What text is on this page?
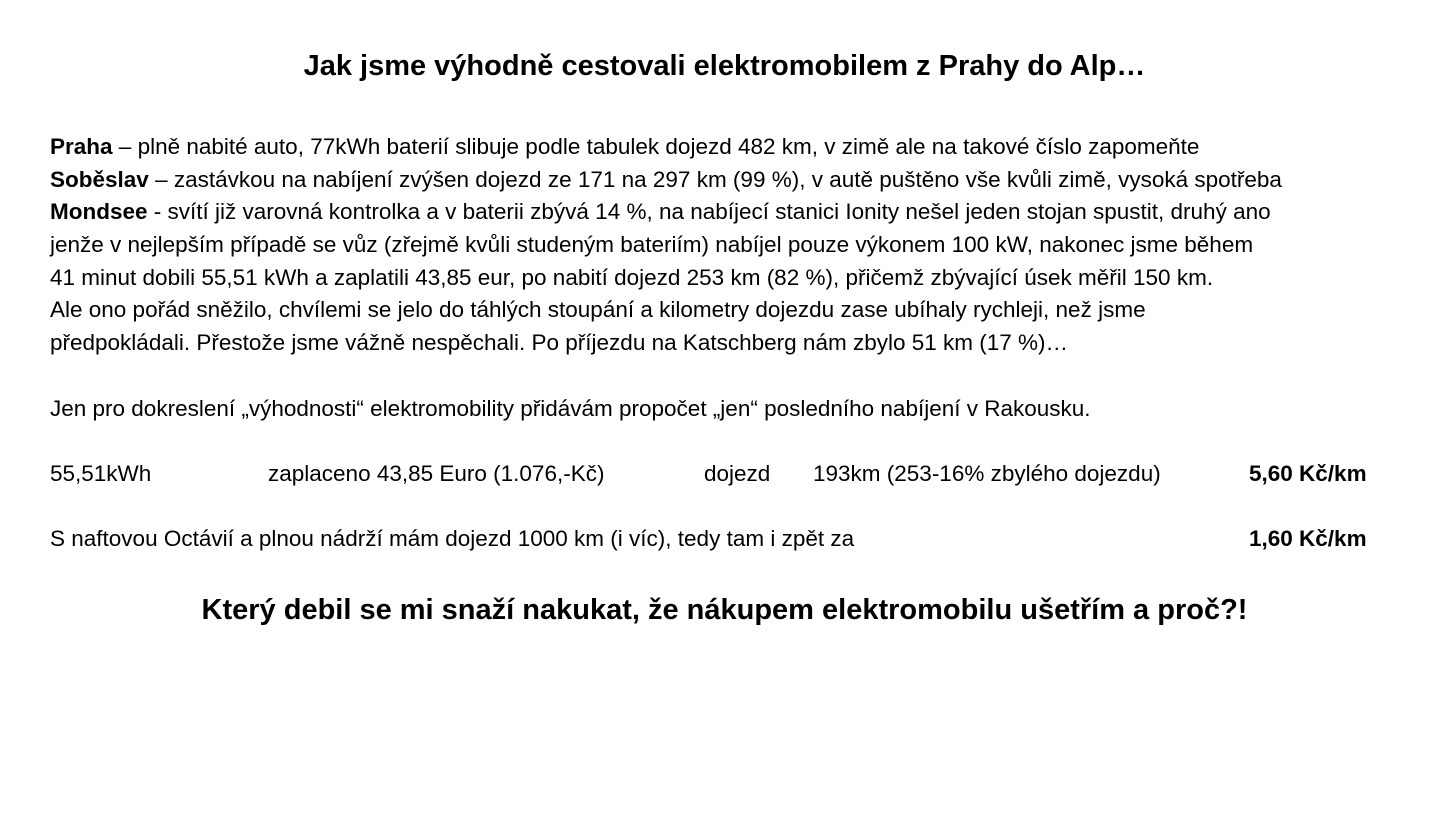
Jak jsme výhodně cestovali elektromobilem z Prahy do Alp…
Praha – plně nabité auto, 77kWh baterií slibuje podle tabulek dojezd 482 km, v zimě ale na takové číslo zapomeňte
Soběslav – zastávkou na nabíjení zvýšen dojezd ze 171 na 297 km (99 %), v autě puštěno vše kvůli zimě, vysoká spotřeba
Mondsee - svítí již varovná kontrolka a v baterii zbývá 14 %, na nabíjecí stanici Ionity nešel jeden stojan spustit, druhý ano
jenže v nejlepším případě se vůz (zřejmě kvůli studeným bateriím) nabíjel pouze výkonem 100 kW, nakonec jsme během
41 minut dobili 55,51 kWh a zaplatili 43,85 eur, po nabití dojezd 253 km (82 %), přičemž zbývající úsek měřil 150 km.
Ale ono pořád sněžilo, chvílemi se jelo do táhlých stoupání a kilometry dojezdu zase ubíhaly rychleji, než jsme
předpokládali. Přestože jsme vážně nespěchali. Po příjezdu na Katschberg nám zbylo 51 km (17 %)…
Jen pro dokreslení „výhodnosti“ elektromobility přidávám propočet „jen“ posledního nabíjení v Rakousku.
55,51kWh	zaplaceno 43,85 Euro (1.076,-Kč)	dojezd 193km (253-16% zbylého dojezdu)	5,60 Kč/km
S naftovou Octávií a plnou nádrží mám dojezd 1000 km (i víc), tedy tam i zpět za	1,60 Kč/km
Který debil se mi snaží nakukat, že nákupem elektromobilu ušetřím a proč?!
